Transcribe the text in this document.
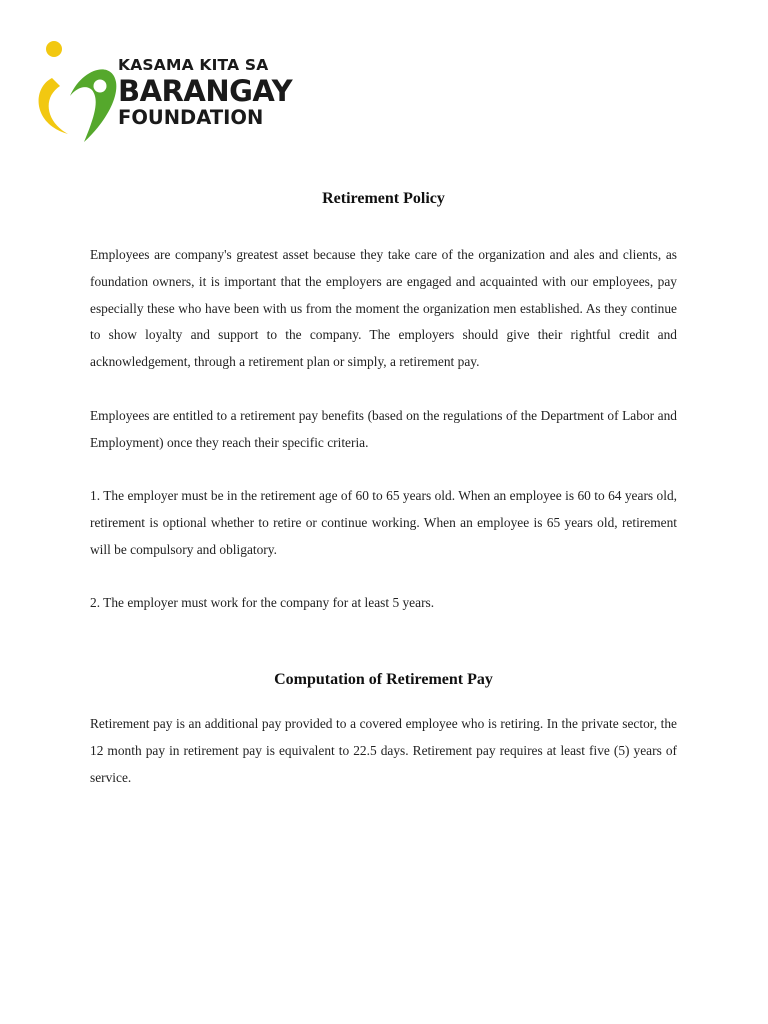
KASAMA KITA SA
BARANGAY
FOUNDATION
Retirement Policy

Employees are company's greatest asset because they take care of the organization and ales and clients, as foundation owners, it is important that the employers are engaged and acquainted with our employees, pay especially these who have been with us from the moment the organization men established. As they continue to show loyalty and support to the company. The employers should give their rightful credit and acknowledgement, through a retirement plan or simply, a retirement pay.

Employees are entitled to a retirement pay benefits (based on the regulations of the Department of Labor and Employment) once they reach their specific criteria.

1. The employer must be in the retirement age of 60 to 65 years old. When an employee is 60 to 64 years old, retirement is optional whether to retire or continue working. When an employee is 65 years old, retirement will be compulsory and obligatory.

2. The employer must work for the company for at least 5 years.

Computation of Retirement Pay

Retirement pay is an additional pay provided to a covered employee who is retiring. In the private sector, the 12 month pay in retirement pay is equivalent to 22.5 days. Retirement pay requires at least five (5) years of service.
